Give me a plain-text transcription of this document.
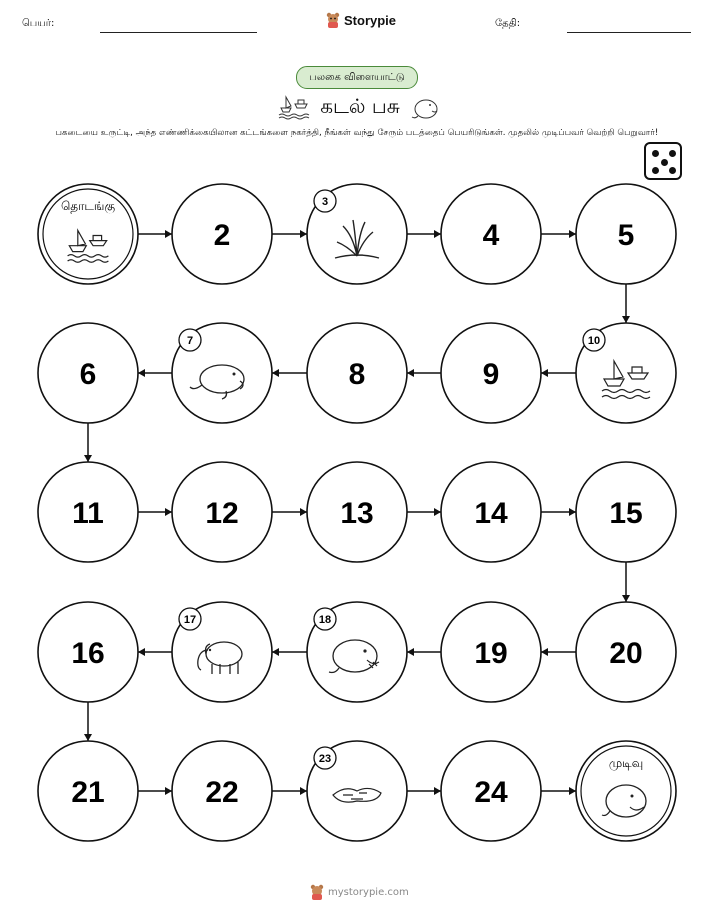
பெயர்:	Storypie	தேதி:
பலகை விளையாட்டு
கடல் பசு
பகடையை உருட்டி, அந்த எண்ணிக்கையிலான கட்டங்களை நகர்த்தி, நீங்கள் வந்து சேரும் படத்தைப் பெயரிடுங்கள். முதலில் முடிப்பவர் வெற்றி பெறுவார்!
தொடங்கு
2
3
4	5
10
9
8
7
6
11	12	13	14	15
20
19
18
17
16
21	22
23
24
முடிவு
mystorypie.com
